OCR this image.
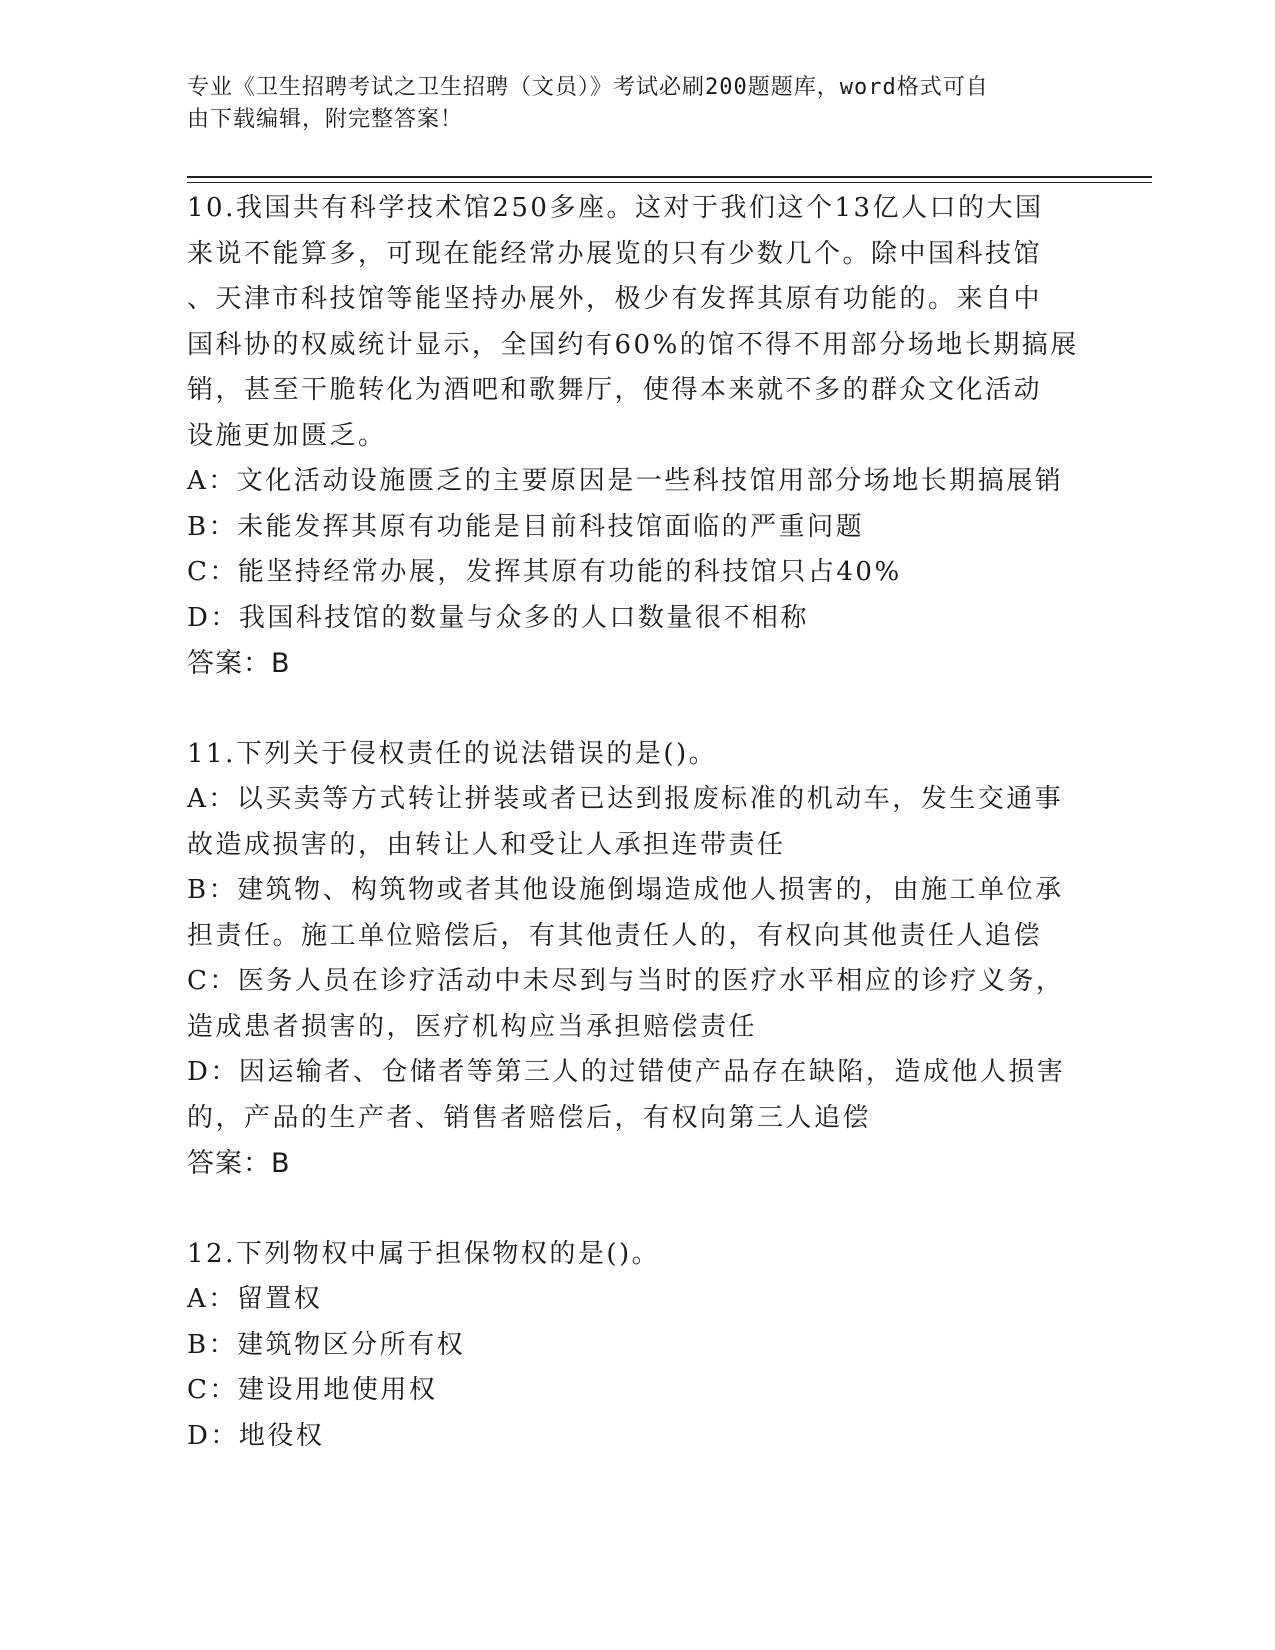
专业《卫生招聘考试之卫生招聘（文员）》考试必刷200题题库，word格式可自
由下载编辑，附完整答案！

10.我国共有科学技术馆250多座。这对于我们这个13亿人口的大国

来说不能算多，可现在能经常办展览的只有少数几个。除中国科技馆

、天津市科技馆等能坚持办展外，极少有发挥其原有功能的。来自中

国科协的权威统计显示，全国约有60%的馆不得不用部分场地长期搞展

销，甚至干脆转化为酒吧和歌舞厅，使得本来就不多的群众文化活动

设施更加匮乏。

A：文化活动设施匮乏的主要原因是一些科技馆用部分场地长期搞展销

B：未能发挥其原有功能是目前科技馆面临的严重问题

C：能坚持经常办展，发挥其原有功能的科技馆只占40%

D：我国科技馆的数量与众多的人口数量很不相称

答案：B

11.下列关于侵权责任的说法错误的是()。

A：以买卖等方式转让拼装或者已达到报废标准的机动车，发生交通事

故造成损害的，由转让人和受让人承担连带责任

B：建筑物、构筑物或者其他设施倒塌造成他人损害的，由施工单位承

担责任。施工单位赔偿后，有其他责任人的，有权向其他责任人追偿

C：医务人员在诊疗活动中未尽到与当时的医疗水平相应的诊疗义务，

造成患者损害的，医疗机构应当承担赔偿责任

D：因运输者、仓储者等第三人的过错使产品存在缺陷，造成他人损害

的，产品的生产者、销售者赔偿后，有权向第三人追偿

答案：B

12.下列物权中属于担保物权的是()。

A：留置权

B：建筑物区分所有权

C：建设用地使用权

D：地役权
